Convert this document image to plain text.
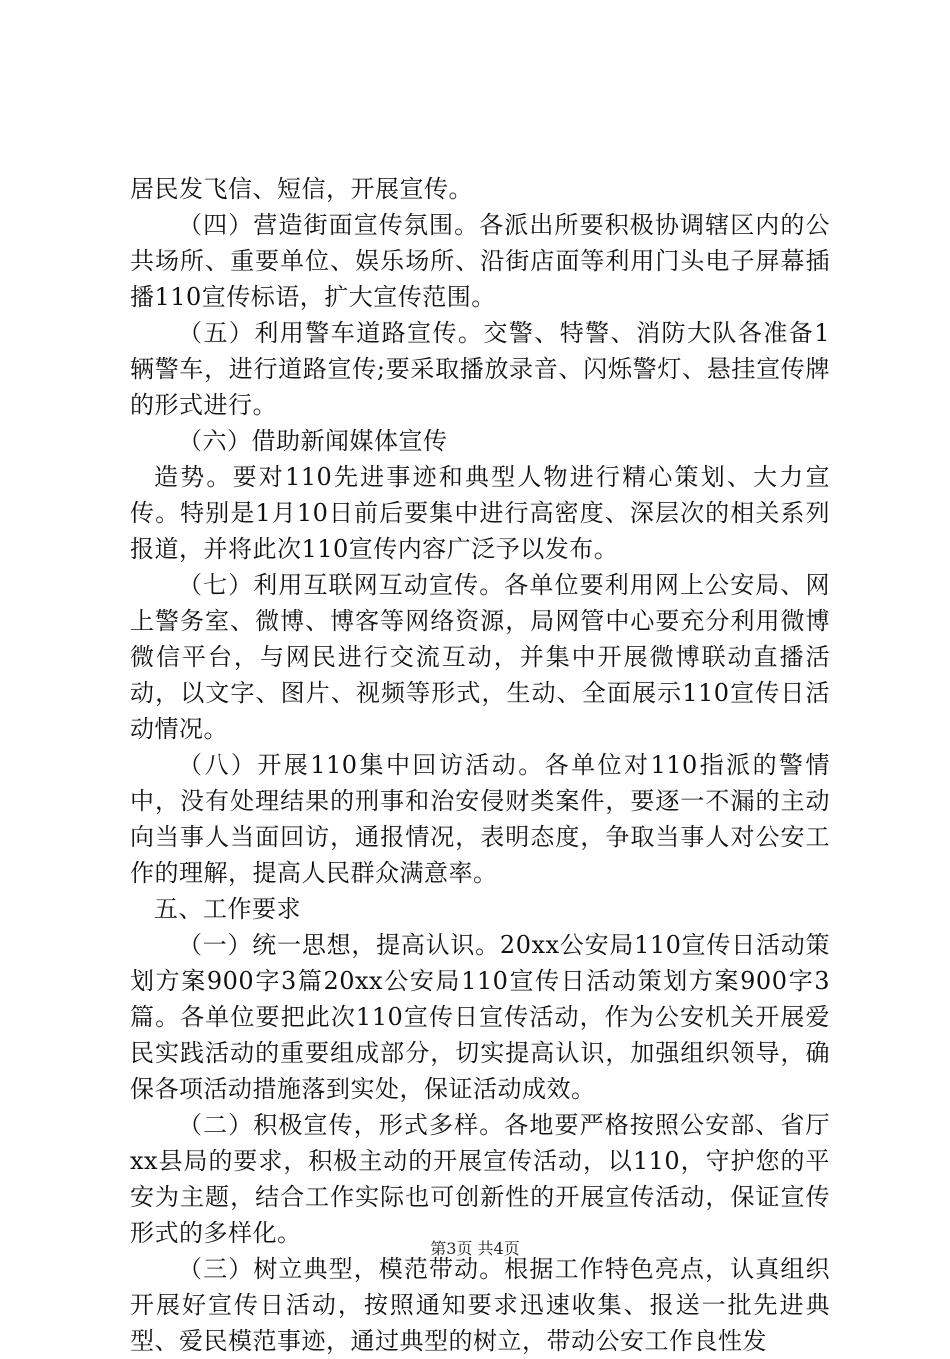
居民发飞信、短信，开展宣传。

（四）营造街面宣传氛围。各派出所要积极协调辖区内的公共场所、重要单位、娱乐场所、沿街店面等利用门头电子屏幕插播110宣传标语，扩大宣传范围。

（五）利用警车道路宣传。交警、特警、消防大队各准备1辆警车，进行道路宣传;要采取播放录音、闪烁警灯、悬挂宣传牌的形式进行。

（六）借助新闻媒体宣传

造势。要对110先进事迹和典型人物进行精心策划、大力宣传。特别是1月10日前后要集中进行高密度、深层次的相关系列报道，并将此次110宣传内容广泛予以发布。

（七）利用互联网互动宣传。各单位要利用网上公安局、网上警务室、微博、博客等网络资源，局网管中心要充分利用微博微信平台，与网民进行交流互动，并集中开展微博联动直播活动，以文字、图片、视频等形式，生动、全面展示110宣传日活动情况。

（八）开展110集中回访活动。各单位对110指派的警情中，没有处理结果的刑事和治安侵财类案件，要逐一不漏的主动向当事人当面回访，通报情况，表明态度，争取当事人对公安工作的理解，提高人民群众满意率。

五、工作要求

（一）统一思想，提高认识。20xx公安局110宣传日活动策划方案900字3篇20xx公安局110宣传日活动策划方案900字3篇。各单位要把此次110宣传日宣传活动，作为公安机关开展爱民实践活动的重要组成部分，切实提高认识，加强组织领导，确保各项活动措施落到实处，保证活动成效。

（二）积极宣传，形式多样。各地要严格按照公安部、省厅xx县局的要求，积极主动的开展宣传活动，以110，守护您的平安为主题，结合工作实际也可创新性的开展宣传活动，保证宣传形式的多样化。

（三）树立典型，模范带动。根据工作特色亮点，认真组织开展好宣传日活动，按照通知要求迅速收集、报送一批先进典型、爱民模范事迹，通过典型的树立，带动公安工作良性发

第3页 共4页
